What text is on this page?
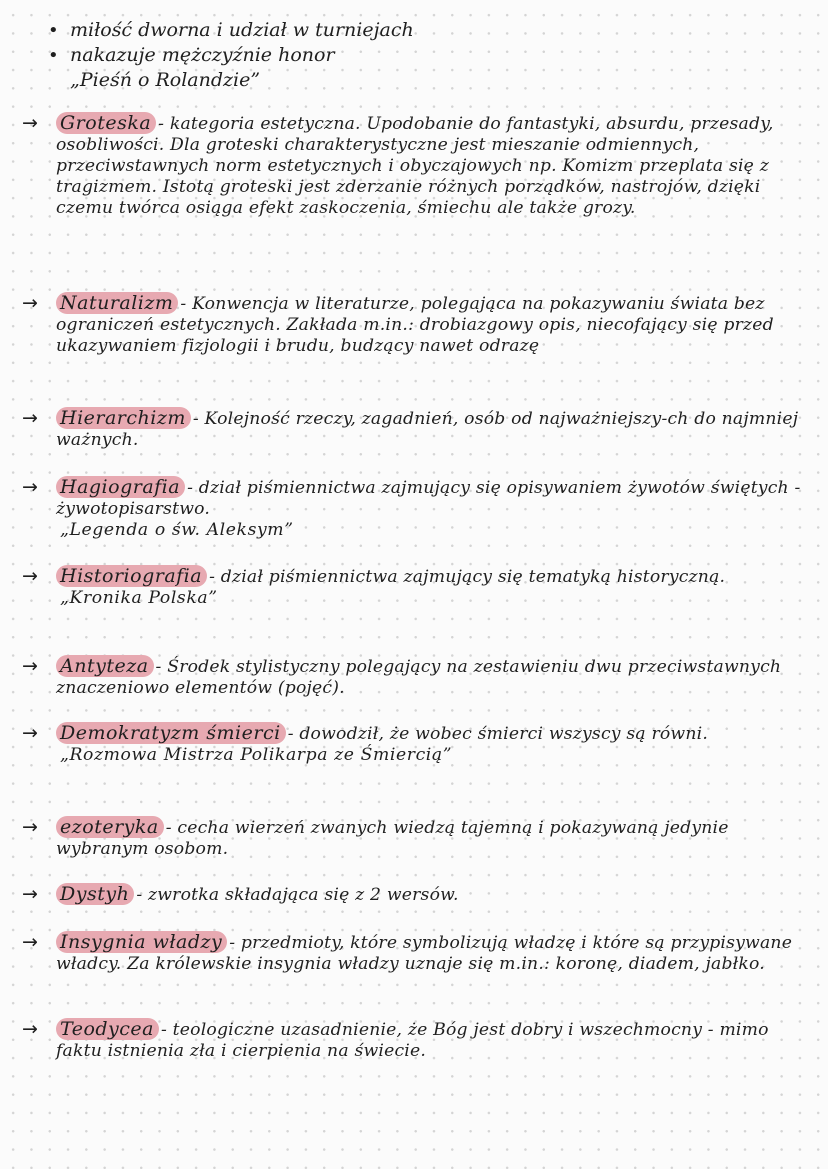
• miłość dworna i udział w turniejach
• nakazuje mężczyźnie honor
„Pieśń o Rolandzie”
→ Groteska - kategoria estetyczna. Upodobanie do fantastyki, absurdu, przesady, osobliwości. Dla groteski charakterystyczne jest mieszanie odmiennych, przeciwstawnych norm estetycznych i obyczajowych np. Komizm przeplata się z tragizmem. Istotą groteski jest zderzanie różnych porządków, nastrojów, dzięki czemu twórca osiąga efekt zaskoczenia, śmiechu ale także grozy.
→ Naturalizm - Konwencja w literaturze, polegająca na pokazywaniu świata bez ograniczeń estetycznych. Zakłada m.in.: drobiazgowy opis, niecofający się przed ukazywaniem fizjologii i brudu, budzący nawet odrazę
→ Hierarchizm - Kolejność rzeczy, zagadnień, osób od najważniejszy-ch do najmniej ważnych.
→ Hagiografia - dział piśmiennictwa zajmujący się opisywaniem żywotów świętych - żywotopisarstwo.
„Legenda o św. Aleksym”
→ Historiografia - dział piśmiennictwa zajmujący się tematyką historyczną.
„Kronika Polska”
→ Antyteza - Środek stylistyczny polegający na zestawieniu dwu przeciwstawnych znaczeniowo elementów (pojęć).
→ Demokratyzm śmierci - dowodził, że wobec śmierci wszyscy są równi.
„Rozmowa Mistrza Polikarpa ze Śmiercią”
→ ezoteryka - cecha wierzeń zwanych wiedzą tajemną i pokazywaną jedynie wybranym osobom.
→ Dystyh - zwrotka składająca się z 2 wersów.
→ Insygnia władzy - przedmioty, które symbolizują władzę i które są przypisywane władcy. Za królewskie insygnia władzy uznaje się m.in.: koronę, diadem, jabłko.
→ Teodycea - teologiczne uzasadnienie, że Bóg jest dobry i wszechmocny - mimo faktu istnienia zła i cierpienia na świecie.
